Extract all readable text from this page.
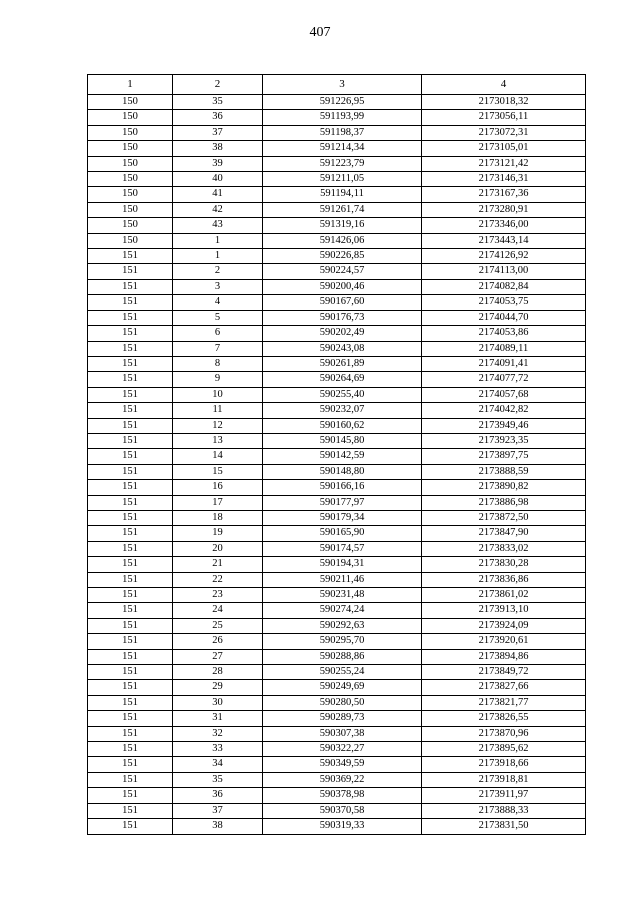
407
1	2	3	4
150	35	591226,95	2173018,32
150	36	591193,99	2173056,11
150	37	591198,37	2173072,31
150	38	591214,34	2173105,01
150	39	591223,79	2173121,42
150	40	591211,05	2173146,31
150	41	591194,11	2173167,36
150	42	591261,74	2173280,91
150	43	591319,16	2173346,00
150	1	591426,06	2173443,14
151	1	590226,85	2174126,92
151	2	590224,57	2174113,00
151	3	590200,46	2174082,84
151	4	590167,60	2174053,75
151	5	590176,73	2174044,70
151	6	590202,49	2174053,86
151	7	590243,08	2174089,11
151	8	590261,89	2174091,41
151	9	590264,69	2174077,72
151	10	590255,40	2174057,68
151	11	590232,07	2174042,82
151	12	590160,62	2173949,46
151	13	590145,80	2173923,35
151	14	590142,59	2173897,75
151	15	590148,80	2173888,59
151	16	590166,16	2173890,82
151	17	590177,97	2173886,98
151	18	590179,34	2173872,50
151	19	590165,90	2173847,90
151	20	590174,57	2173833,02
151	21	590194,31	2173830,28
151	22	590211,46	2173836,86
151	23	590231,48	2173861,02
151	24	590274,24	2173913,10
151	25	590292,63	2173924,09
151	26	590295,70	2173920,61
151	27	590288,86	2173894,86
151	28	590255,24	2173849,72
151	29	590249,69	2173827,66
151	30	590280,50	2173821,77
151	31	590289,73	2173826,55
151	32	590307,38	2173870,96
151	33	590322,27	2173895,62
151	34	590349,59	2173918,66
151	35	590369,22	2173918,81
151	36	590378,98	2173911,97
151	37	590370,58	2173888,33
151	38	590319,33	2173831,50
